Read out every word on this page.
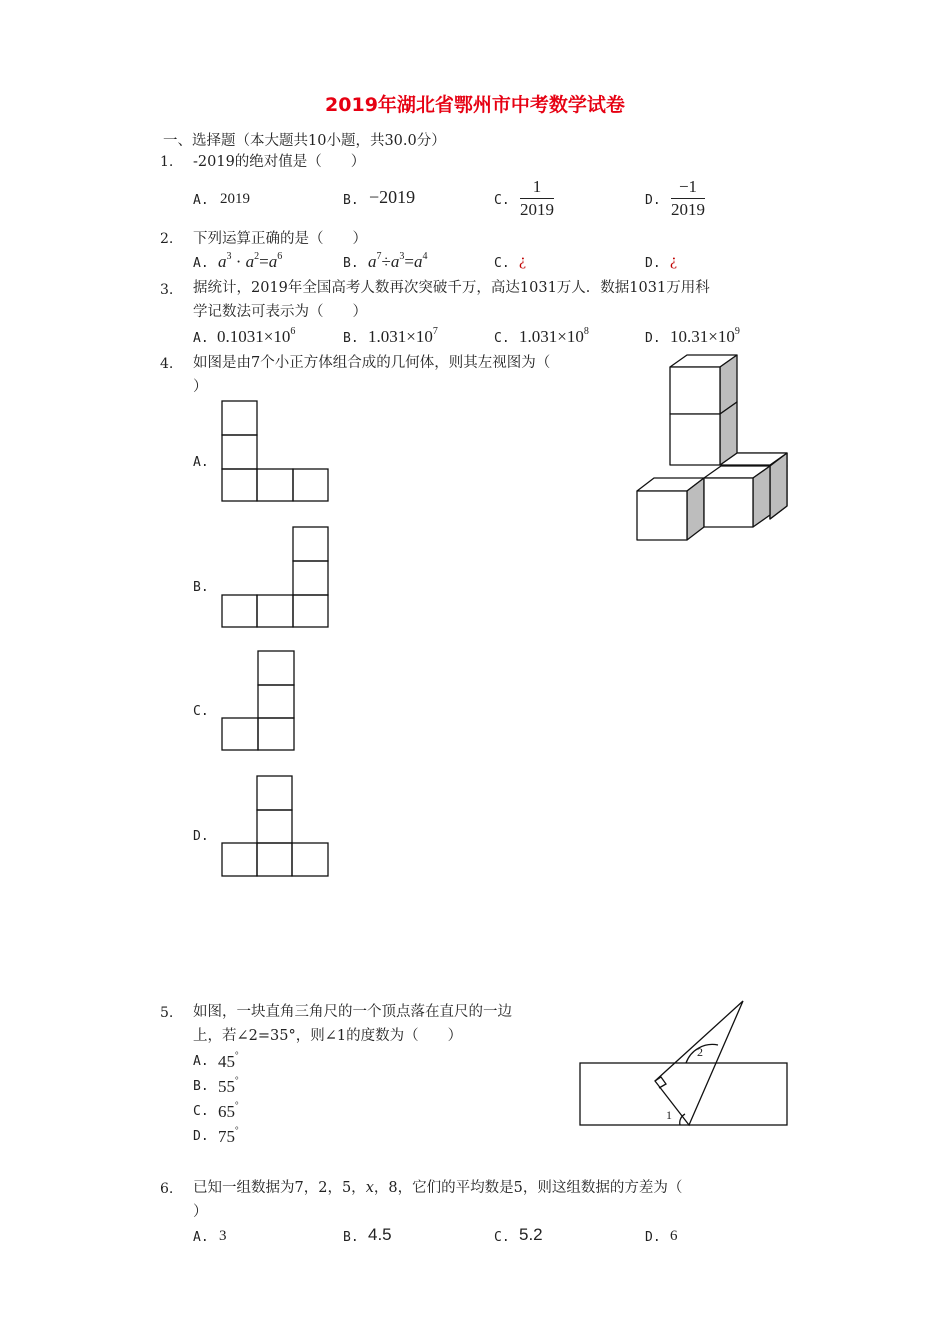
2019年湖北省鄂州市中考数学试卷
一、选择题（本大题共10小题，共30.0分）
1. -2019的绝对值是（　　）
A. 2019	B. −2019	C. $\frac{1}{2019}$	D. $\frac{-1}{2019}$
2. 下列运算正确的是（　　）
A. $a^3 \cdot a^2=a^6$	B. $a^7\div a^3=a^4$	C. ¿	D. ¿
3. 据统计，2019年全国高考人数再次突破千万，高达1031万人．数据1031万用科
学记数法可表示为（　　）
A. $0.1031\times 10^6$	B. $1.031\times 10^7$	C. $1.031\times 10^8$	D. $10.31\times 10^9$
4. 如图是由7个小正方体组合成的几何体，则其左视图为（
）
A.
B.
C.
D.
5. 如图，一块直角三角尺的一个顶点落在直尺的一边
上，若∠2=35°，则∠1的度数为（　　）
A. 45°
B. 55°
C. 65°
D. 75°
2
1
6. 已知一组数据为7，2，5，x，8，它们的平均数是5，则这组数据的方差为（
）
A. 3	B. 4.5	C. 5.2	D. 6
